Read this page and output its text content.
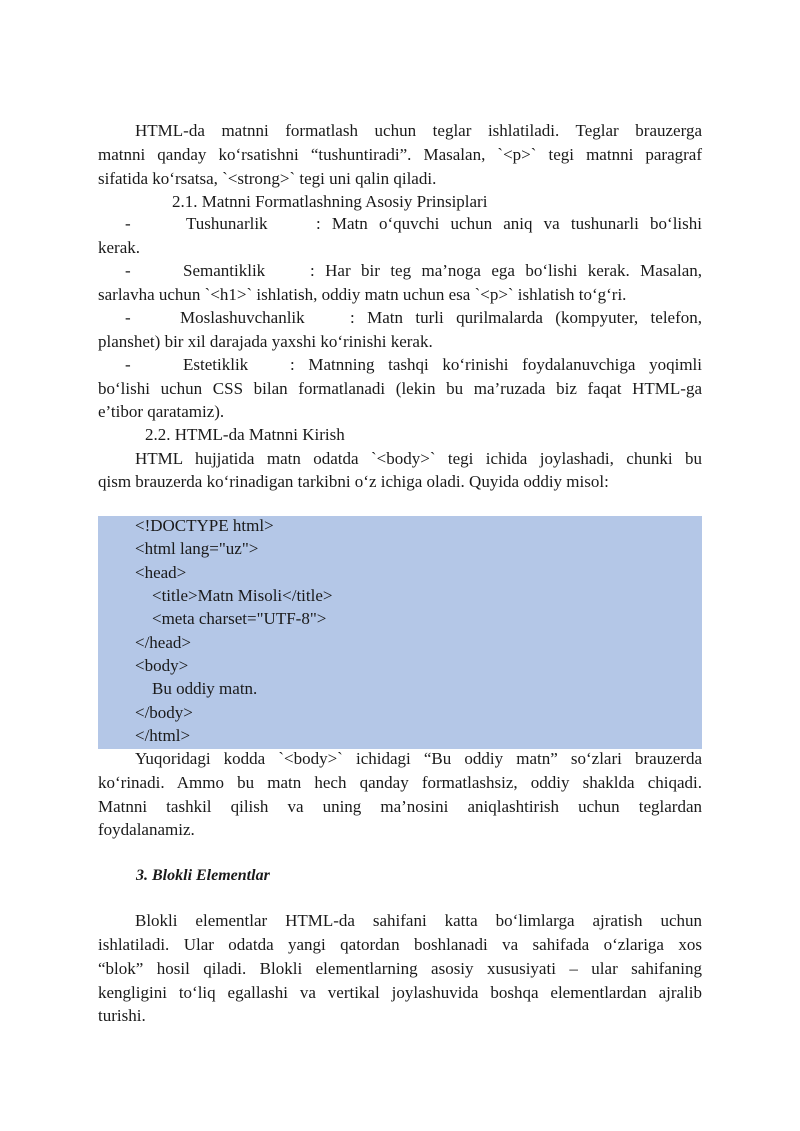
HTML-da matnni formatlash uchun teglar ishlatiladi. Teglar brauzerga
matnni qanday ko‘rsatishni “tushuntiradi”. Masalan, `<p>` tegi matnni paragraf
sifatida ko‘rsatsa, `<strong>` tegi uni qalin qiladi.
2.1. Matnni Formatlashning Asosiy Prinsiplari
-	Tushunarlik	: Matn o‘quvchi uchun aniq va tushunarli bo‘lishi
kerak.
-	Semantiklik	: Har bir teg ma’noga ega bo‘lishi kerak. Masalan,
sarlavha uchun `<h1>` ishlatish, oddiy matn uchun esa `<p>` ishlatish to‘g‘ri.
-	Moslashuvchanlik	: Matn turli qurilmalarda (kompyuter, telefon,
planshet) bir xil darajada yaxshi ko‘rinishi kerak.
-	Estetiklik : Matnning tashqi ko‘rinishi foydalanuvchiga yoqimli
bo‘lishi uchun CSS bilan formatlanadi (lekin bu ma’ruzada biz faqat HTML-ga
e’tibor qaratamiz).
2.2. HTML-da Matnni Kirish
HTML hujjatida matn odatda `<body>` tegi ichida joylashadi, chunki bu
qism brauzerda ko‘rinadigan tarkibni o‘z ichiga oladi. Quyida oddiy misol:
<!DOCTYPE html>
<html lang="uz">
<head>
<title>Matn Misoli</title>
<meta charset="UTF-8">
</head>
<body>
Bu oddiy matn.
</body>
</html>
Yuqoridagi kodda `<body>` ichidagi “Bu oddiy matn” so‘zlari brauzerda
ko‘rinadi. Ammo bu matn hech qanday formatlashsiz, oddiy shaklda chiqadi.
Matnni tashkil qilish va uning ma’nosini aniqlashtirish uchun teglardan
foydalanamiz.
3. Blokli Elementlar
Blokli elementlar HTML-da sahifani katta bo‘limlarga ajratish uchun
ishlatiladi. Ular odatda yangi qatordan boshlanadi va sahifada o‘zlariga xos
“blok” hosil qiladi. Blokli elementlarning asosiy xususiyati – ular sahifaning
kengligini to‘liq egallashi va vertikal joylashuvida boshqa elementlardan ajralib
turishi.
